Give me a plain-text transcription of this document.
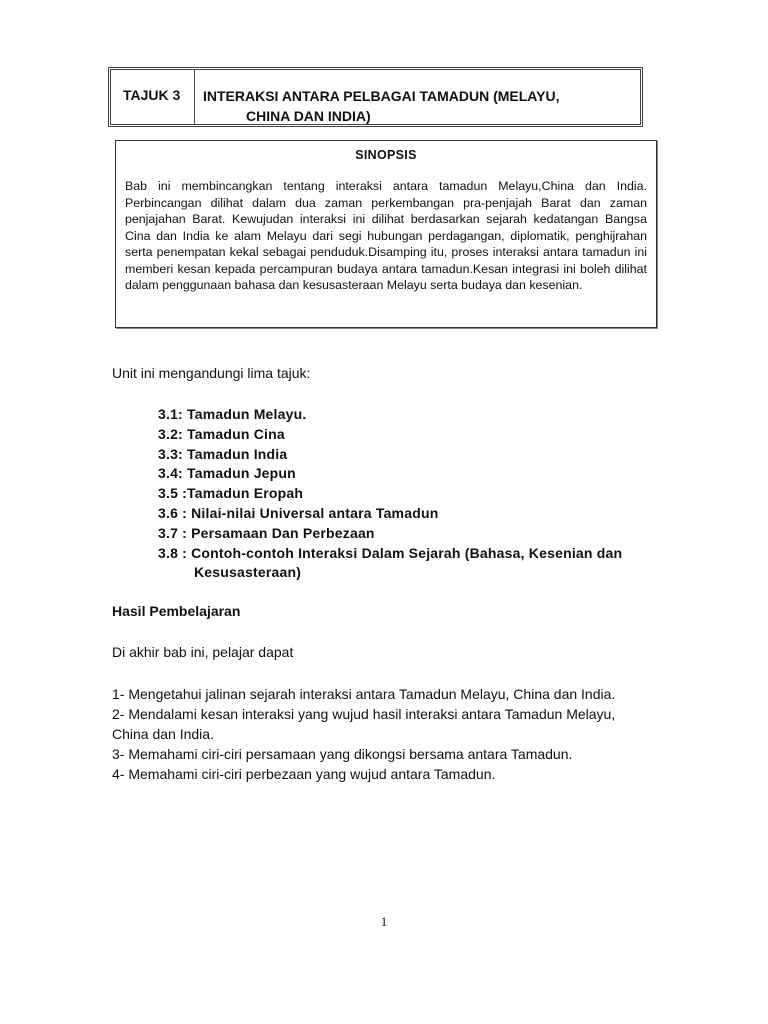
TAJUK 3	INTERAKSI ANTARA PELBAGAI TAMADUN (MELAYU,
CHINA DAN INDIA)
SINOPSIS
Bab ini membincangkan tentang interaksi antara tamadun Melayu,China dan India. Perbincangan dilihat dalam dua zaman perkembangan pra-penjajah Barat dan zaman penjajahan Barat. Kewujudan interaksi ini dilihat berdasarkan sejarah kedatangan Bangsa Cina dan India ke alam Melayu dari segi hubungan perdagangan, diplomatik, penghijrahan serta penempatan kekal sebagai penduduk.Disamping itu, proses interaksi antara tamadun ini memberi kesan kepada percampuran budaya antara tamadun.Kesan integrasi ini boleh dilihat dalam penggunaan bahasa dan kesusasteraan Melayu serta budaya dan kesenian.
Unit ini mengandungi lima tajuk:
3.1: Tamadun Melayu.
3.2: Tamadun Cina
3.3: Tamadun India
3.4: Tamadun Jepun
3.5 :Tamadun Eropah
3.6 : Nilai-nilai Universal antara Tamadun
3.7 : Persamaan Dan Perbezaan
3.8 : Contoh-contoh Interaksi Dalam Sejarah (Bahasa, Kesenian dan
Kesusasteraan)
Hasil Pembelajaran
Di akhir bab ini, pelajar dapat
1- Mengetahui jalinan sejarah interaksi antara Tamadun Melayu, China dan India.
2- Mendalami kesan interaksi yang wujud hasil interaksi antara Tamadun Melayu, China dan India.
3- Memahami ciri-ciri persamaan yang dikongsi bersama antara Tamadun.
4- Memahami ciri-ciri perbezaan yang wujud antara Tamadun.
1
